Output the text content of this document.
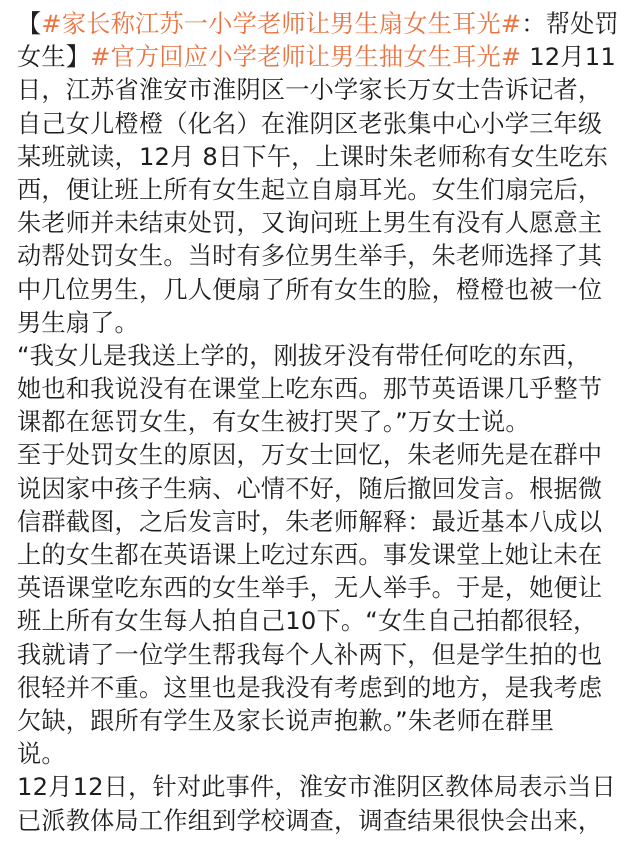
【#家长称江苏一小学老师让男生扇女生耳光#：帮处罚
女生】#官方回应小学老师让男生抽女生耳光# 12月11
日，江苏省淮安市淮阴区一小学家长万女士告诉记者，
自己女儿橙橙（化名）在淮阴区老张集中心小学三年级
某班就读，12月 8日下午，上课时朱老师称有女生吃东
西，便让班上所有女生起立自扇耳光。女生们扇完后，
朱老师并未结束处罚，又询问班上男生有没有人愿意主
动帮处罚女生。当时有多位男生举手，朱老师选择了其
中几位男生，几人便扇了所有女生的脸，橙橙也被一位
男生扇了。
“我女儿是我送上学的，刚拔牙没有带任何吃的东西，
她也和我说没有在课堂上吃东西。那节英语课几乎整节
课都在惩罚女生，有女生被打哭了。”万女士说。
至于处罚女生的原因，万女士回忆，朱老师先是在群中
说因家中孩子生病、心情不好，随后撤回发言。根据微
信群截图，之后发言时，朱老师解释：最近基本八成以
上的女生都在英语课上吃过东西。事发课堂上她让未在
英语课堂吃东西的女生举手，无人举手。于是，她便让
班上所有女生每人拍自己10下。“女生自己拍都很轻，
我就请了一位学生帮我每个人补两下，但是学生拍的也
很轻并不重。这里也是我没有考虑到的地方，是我考虑
欠缺，跟所有学生及家长说声抱歉。”朱老师在群里
说。
12月12日，针对此事件，淮安市淮阴区教体局表示当日
已派教体局工作组到学校调查，调查结果很快会出来，
